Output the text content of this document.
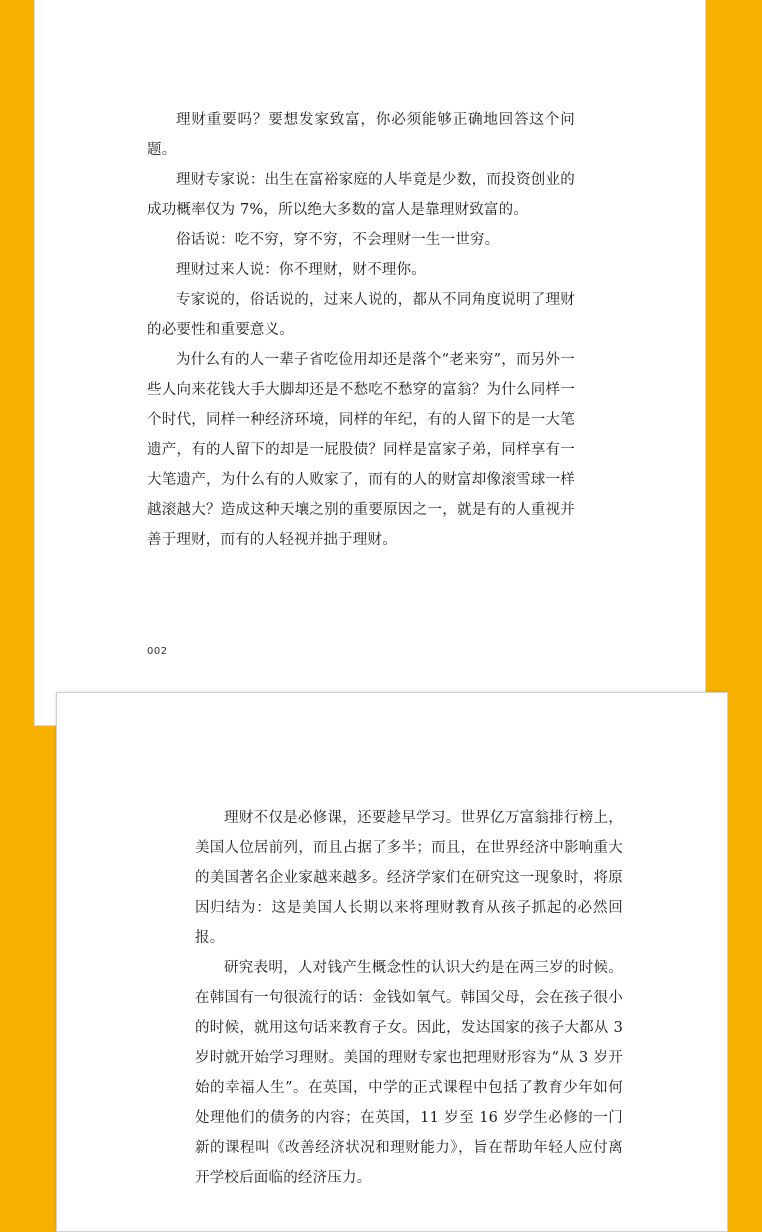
理财重要吗？要想发家致富，你必须能够正确地回答这个问题。

理财专家说：出生在富裕家庭的人毕竟是少数，而投资创业的成功概率仅为 7%，所以绝大多数的富人是靠理财致富的。

俗话说：吃不穷，穿不穷，不会理财一生一世穷。

理财过来人说：你不理财，财不理你。

专家说的，俗话说的，过来人说的，都从不同角度说明了理财的必要性和重要意义。

为什么有的人一辈子省吃俭用却还是落个“老来穷”，而另外一些人向来花钱大手大脚却还是不愁吃不愁穿的富翁？为什么同样一个时代，同样一种经济环境，同样的年纪，有的人留下的是一大笔遗产，有的人留下的却是一屁股债？同样是富家子弟，同样享有一大笔遗产，为什么有的人败家了，而有的人的财富却像滚雪球一样越滚越大？造成这种天壤之别的重要原因之一，就是有的人重视并善于理财，而有的人轻视并拙于理财。

002

理财不仅是必修课，还要趁早学习。世界亿万富翁排行榜上，美国人位居前列，而且占据了多半；而且，在世界经济中影响重大的美国著名企业家越来越多。经济学家们在研究这一现象时，将原因归结为：这是美国人长期以来将理财教育从孩子抓起的必然回报。

研究表明，人对钱产生概念性的认识大约是在两三岁的时候。在韩国有一句很流行的话：金钱如氧气。韩国父母，会在孩子很小的时候，就用这句话来教育子女。因此，发达国家的孩子大都从 3 岁时就开始学习理财。美国的理财专家也把理财形容为“从 3 岁开始的幸福人生”。在英国，中学的正式课程中包括了教育少年如何处理他们的债务的内容；在英国，11 岁至 16 岁学生必修的一门新的课程叫《改善经济状况和理财能力》，旨在帮助年轻人应付离开学校后面临的经济压力。
